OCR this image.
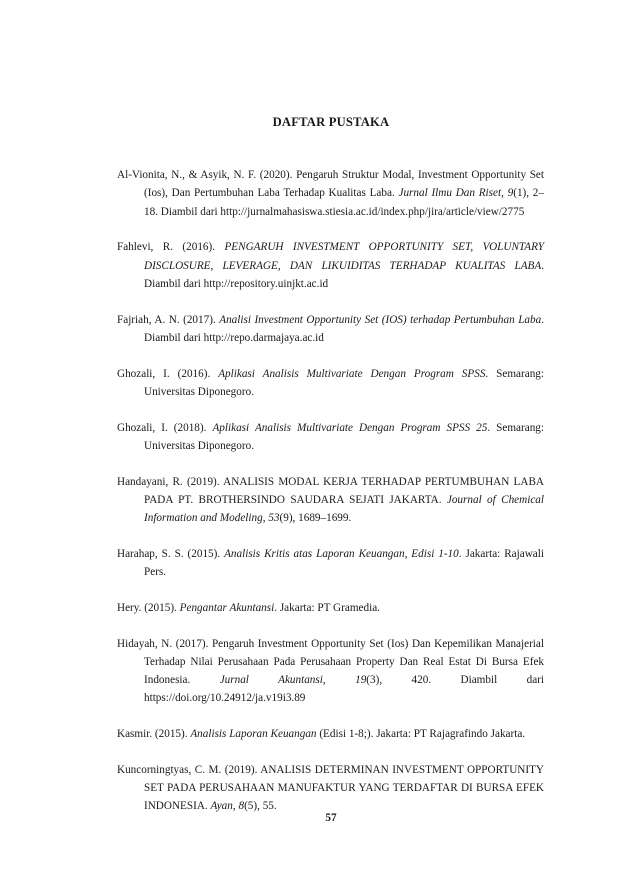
DAFTAR PUSTAKA

Al-Vionita, N., & Asyik, N. F. (2020). Pengaruh Struktur Modal, Investment Opportunity Set (Ios), Dan Pertumbuhan Laba Terhadap Kualitas Laba. Jurnal Ilmu Dan Riset, 9(1), 2–18. Diambil dari http://jurnalmahasiswa.stiesia.ac.id/index.php/jira/article/view/2775

Fahlevi, R. (2016). PENGARUH INVESTMENT OPPORTUNITY SET, VOLUNTARY DISCLOSURE, LEVERAGE, DAN LIKUIDITAS TERHADAP KUALITAS LABA. Diambil dari http://repository.uinjkt.ac.id

Fajriah, A. N. (2017). Analisi Investment Opportunity Set (IOS) terhadap Pertumbuhan Laba. Diambil dari http://repo.darmajaya.ac.id

Ghozali, I. (2016). Aplikasi Analisis Multivariate Dengan Program SPSS. Semarang: Universitas Diponegoro.

Ghozali, I. (2018). Aplikasi Analisis Multivariate Dengan Program SPSS 25. Semarang: Universitas Diponegoro.

Handayani, R. (2019). ANALISIS MODAL KERJA TERHADAP PERTUMBUHAN LABA PADA PT. BROTHERSINDO SAUDARA SEJATI JAKARTA. Journal of Chemical Information and Modeling, 53(9), 1689–1699.

Harahap, S. S. (2015). Analisis Kritis atas Laporan Keuangan, Edisi 1-10. Jakarta: Rajawali Pers.

Hery. (2015). Pengantar Akuntansi. Jakarta: PT Gramedia.

Hidayah, N. (2017). Pengaruh Investment Opportunity Set (Ios) Dan Kepemilikan Manajerial Terhadap Nilai Perusahaan Pada Perusahaan Property Dan Real Estat Di Bursa Efek Indonesia. Jurnal Akuntansi, 19(3), 420. Diambil dari https://doi.org/10.24912/ja.v19i3.89

Kasmir. (2015). Analisis Laporan Keuangan (Edisi 1-8;). Jakarta: PT Rajagrafindo Jakarta.

Kuncorningtyas, C. M. (2019). ANALISIS DETERMINAN INVESTMENT OPPORTUNITY SET PADA PERUSAHAAN MANUFAKTUR YANG TERDAFTAR DI BURSA EFEK INDONESIA. Ayan, 8(5), 55.

57
